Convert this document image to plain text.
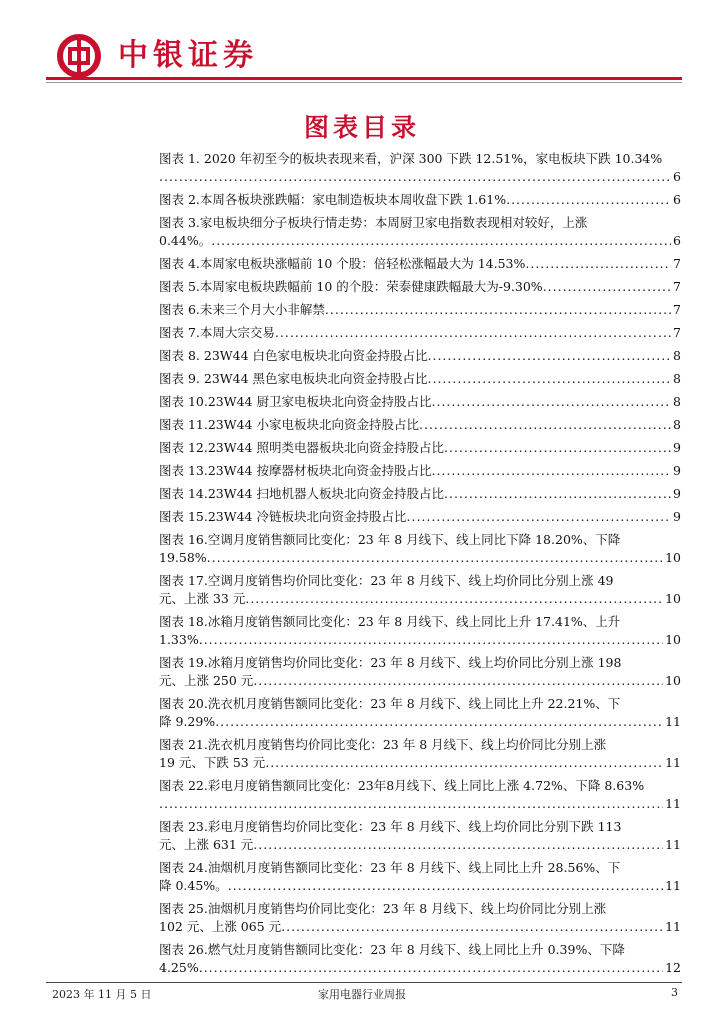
中银证券
图表目录
图表 1. 2020 年初至今的板块表现来看，沪深 300 下跌 12.51%，家电板块下跌 10.34%
.....
6
图表 2.本周各板块涨跌幅：家电制造板块本周收盘下跌 1.61% .....	6
图表 3.家电板块细分子板块行情走势：本周厨卫家电指数表现相对较好，上涨
0.44%。 .....	6
图表 4.本周家电板块涨幅前 10 个股：倍轻松涨幅最大为 14.53% .....	7
图表 5.本周家电板块跌幅前 10 的个股：荣泰健康跌幅最大为-9.30% .....	7
图表 6.未来三个月大小非解禁 .....	7
图表 7.本周大宗交易 .....	7
图表 8. 23W44 白色家电板块北向资金持股占比 .....	8
图表 9. 23W44 黑色家电板块北向资金持股占比 .....	8
图表 10.23W44 厨卫家电板块北向资金持股占比 .....	8
图表 11.23W44 小家电板块北向资金持股占比 .....	8
图表 12.23W44 照明类电器板块北向资金持股占比 .....	9
图表 13.23W44 按摩器材板块北向资金持股占比 .....	9
图表 14.23W44 扫地机器人板块北向资金持股占比 .....	9
图表 15.23W44 冷链板块北向资金持股占比 .....	9
图表 16.空调月度销售额同比变化：23 年 8 月线下、线上同比下降 18.20%、下降
19.58% .....	10
图表 17.空调月度销售均价同比变化：23 年 8 月线下、线上均价同比分别上涨 49
元、上涨 33 元 .....	10
图表 18.冰箱月度销售额同比变化：23 年 8 月线下、线上同比上升 17.41%、上升
1.33% .....	10
图表 19.冰箱月度销售均价同比变化：23 年 8 月线下、线上均价同比分别上涨 198
元、上涨 250 元 .....	10
图表 20.洗衣机月度销售额同比变化：23 年 8 月线下、线上同比上升 22.21%、下
降 9.29% .....	11
图表 21.洗衣机月度销售均价同比变化：23 年 8 月线下、线上均价同比分别上涨
19 元、下跌 53 元 .....	11
图表 22.彩电月度销售额同比变化：23年8月线下、线上同比上涨 4.72%、下降 8.63%
.....
11
图表 23.彩电月度销售均价同比变化：23 年 8 月线下、线上均价同比分别下跌 113
元、上涨 631 元 .....	11
图表 24.油烟机月度销售额同比变化：23 年 8 月线下、线上同比上升 28.56%、下
降 0.45%。 .....	11
图表 25.油烟机月度销售均价同比变化：23 年 8 月线下、线上均价同比分别上涨
102 元、上涨 065 元 .....	11
图表 26.燃气灶月度销售额同比变化：23 年 8 月线下、线上同比上升 0.39%、下降
4.25% .....	12
2023 年 11 月 5 日	家用电器行业周报	3
